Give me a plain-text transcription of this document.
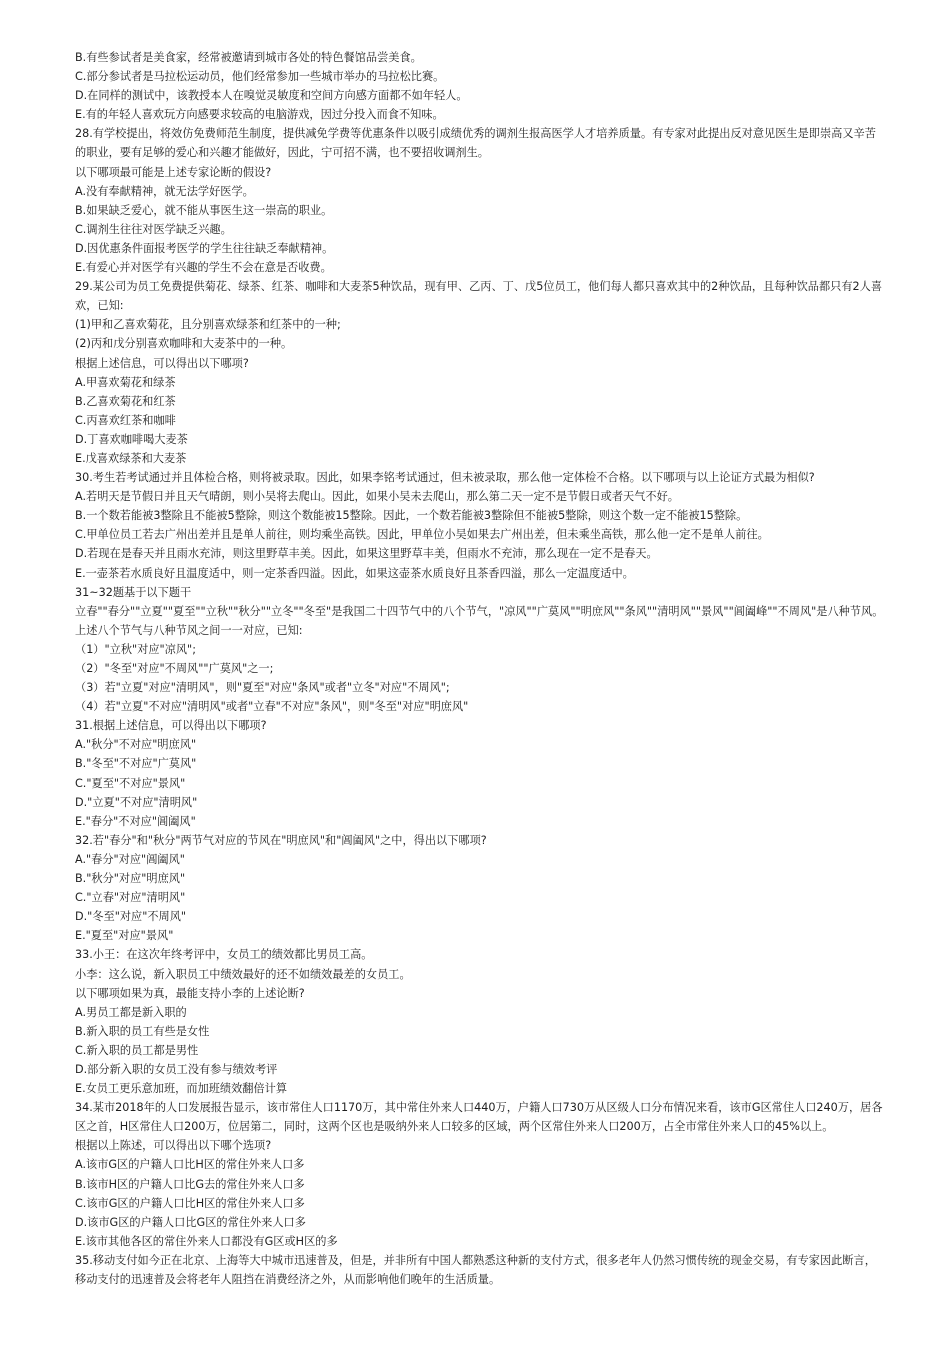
B.有些参试者是美食家，经常被邀请到城市各处的特色餐馆品尝美食。
C.部分参试者是马拉松运动员，他们经常参加一些城市举办的马拉松比赛。
D.在同样的测试中，该教授本人在嗅觉灵敏度和空间方向感方面都不如年轻人。
E.有的年轻人喜欢玩方向感要求较高的电脑游戏，因过分投入而食不知味。
28.有学校提出，将效仿免费师范生制度，提供减免学费等优惠条件以吸引成绩优秀的调剂生报高医学人才培养质量。有专家对此提出反对意见医生是即崇高又辛苦的职业，要有足够的爱心和兴趣才能做好，因此，宁可招不满，也不要招收调剂生。
以下哪项最可能是上述专家论断的假设?
A.没有奉献精神，就无法学好医学。
B.如果缺乏爱心，就不能从事医生这一崇高的职业。
C.调剂生往往对医学缺乏兴趣。
D.因优惠条件面报考医学的学生往往缺乏奉献精神。
E.有爱心并对医学有兴趣的学生不会在意是否收费。
29.某公司为员工免费提供菊花、绿茶、红茶、咖啡和大麦茶5种饮品，现有甲、乙丙、丁、戊5位员工，他们每人都只喜欢其中的2种饮品，且每种饮品都只有2人喜欢，已知:
(1)甲和乙喜欢菊花，且分别喜欢绿茶和红茶中的一种;
(2)丙和戊分别喜欢咖啡和大麦茶中的一种。
根据上述信息，可以得出以下哪项?
A.甲喜欢菊花和绿茶
B.乙喜欢菊花和红茶
C.丙喜欢红茶和咖啡
D.丁喜欢咖啡喝大麦茶
E.戊喜欢绿茶和大麦茶
30.考生若考试通过并且体检合格，则将被录取。因此，如果李铭考试通过，但未被录取，那么他一定体检不合格。以下哪项与以上论证方式最为相似?
A.若明天是节假日并且天气晴朗，则小吴将去爬山。因此，如果小吴未去爬山，那么第二天一定不是节假日或者天气不好。
B.一个数若能被3整除且不能被5整除，则这个数能被15整除。因此，一个数若能被3整除但不能被5整除，则这个数一定不能被15整除。
C.甲单位员工若去广州出差并且是单人前往，则均乘坐高铁。因此，甲单位小吴如果去广州出差，但未乘坐高铁，那么他一定不是单人前往。
D.若现在是春天并且雨水充沛，则这里野草丰美。因此，如果这里野草丰美，但雨水不充沛，那么现在一定不是春天。
E.一壶茶若水质良好且温度适中，则一定茶香四溢。因此，如果这壶茶水质良好且茶香四溢，那么一定温度适中。
31~32题基于以下题干
立春""春分""立夏""夏至""立秋""秋分""立冬""冬至"是我国二十四节气中的八个节气，"凉风""广莫风""明庶风""条风""清明风""景风""阊阖峰""不周风"是八种节风。上述八个节气与八种节风之间一一对应，已知:
（1）"立秋"对应"凉风";
（2）"冬至"对应"不周风""广莫风"之一;
（3）若"立夏"对应"清明风"，则"夏至"对应"条风"或者"立冬"对应"不周风";
（4）若"立夏"不对应"清明风"或者"立春"不对应"条风"，则"冬至"对应"明庶风"
31.根据上述信息，可以得出以下哪项?
A."秋分"不对应"明庶风"
B."冬至"不对应"广莫风"
C."夏至"不对应"景风"
D."立夏"不对应"清明风"
E."春分"不对应"阊阖风"
32.若"春分"和"秋分"两节气对应的节风在"明庶风"和"阊阖风"之中，得出以下哪项?
A."春分"对应"阊阖风"
B."秋分"对应"明庶风"
C."立春"对应"清明风"
D."冬至"对应"不周风"
E."夏至"对应"景风"
33.小王：在这次年终考评中，女员工的绩效都比男员工高。
小李：这么说，新入职员工中绩效最好的还不如绩效最差的女员工。
以下哪项如果为真，最能支持小李的上述论断?
A.男员工都是新入职的
B.新入职的员工有些是女性
C.新入职的员工都是男性
D.部分新入职的女员工没有参与绩效考评
E.女员工更乐意加班，而加班绩效翻倍计算
34.某市2018年的人口发展报告显示，该市常住人口1170万，其中常住外来人口440万，户籍人口730万从区级人口分布情况来看，该市G区常住人口240万，居各区之首，H区常住人口200万，位居第二，同时，这两个区也是吸纳外来人口较多的区域，两个区常住外来人口200万，占全市常住外来人口的45%以上。
根据以上陈述，可以得出以下哪个选项?
A.该市G区的户籍人口比H区的常住外来人口多
B.该市H区的户籍人口比G去的常住外来人口多
C.该市G区的户籍人口比H区的常住外来人口多
D.该市G区的户籍人口比G区的常住外来人口多
E.该市其他各区的常住外来人口都没有G区或H区的多
35.移动支付如今正在北京、上海等大中城市迅速普及，但是，并非所有中国人都熟悉这种新的支付方式，很多老年人仍然习惯传统的现金交易，有专家因此断言，移动支付的迅速普及会将老年人阻挡在消费经济之外，从而影响他们晚年的生活质量。
